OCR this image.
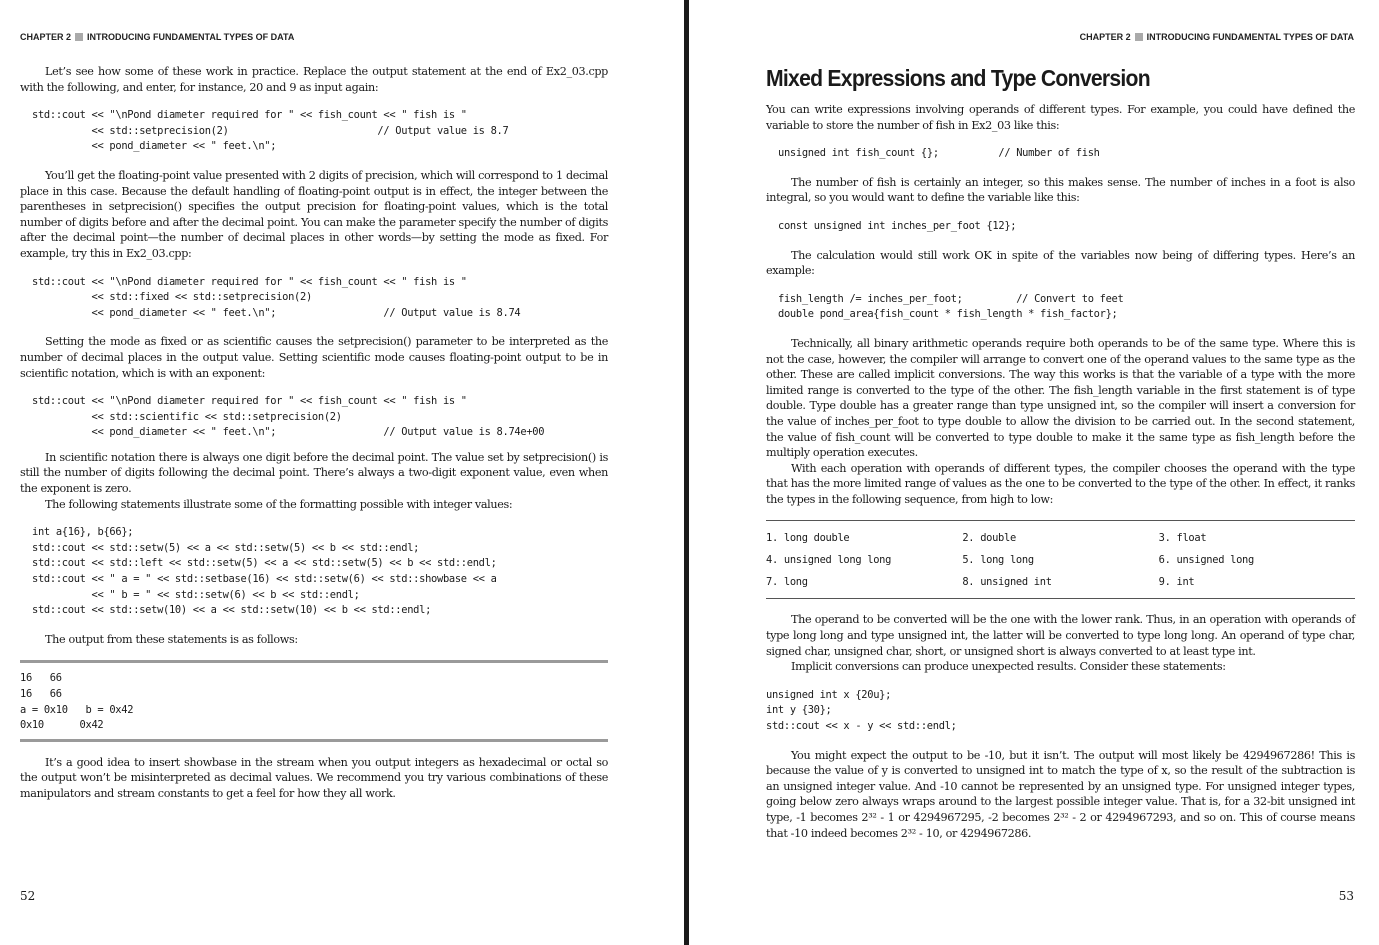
CHAPTER 2 INTRODUCING FUNDAMENTAL TYPES OF DATA

Let’s see how some of these work in practice. Replace the output statement at the end of Ex2_03.cpp with the following, and enter, for instance, 20 and 9 as input again:

std::cout << "\nPond diameter required for " << fish_count << " fish is "
<< std::setprecision(2)                         // Output value is 8.7
<< pond_diameter << " feet.\n";

You’ll get the floating-point value presented with 2 digits of precision, which will correspond to 1 decimal place in this case. Because the default handling of floating-point output is in effect, the integer between the parentheses in setprecision() specifies the output precision for floating-point values, which is the total number of digits before and after the decimal point. You can make the parameter specify the number of digits after the decimal point—the number of decimal places in other words—by setting the mode as fixed. For example, try this in Ex2_03.cpp:

std::cout << "\nPond diameter required for " << fish_count << " fish is "
<< std::fixed << std::setprecision(2)
<< pond_diameter << " feet.\n";                  // Output value is 8.74

Setting the mode as fixed or as scientific causes the setprecision() parameter to be interpreted as the number of decimal places in the output value. Setting scientific mode causes floating-point output to be in scientific notation, which is with an exponent:

std::cout << "\nPond diameter required for " << fish_count << " fish is "
<< std::scientific << std::setprecision(2)
<< pond_diameter << " feet.\n";                  // Output value is 8.74e+00

In scientific notation there is always one digit before the decimal point. The value set by setprecision() is still the number of digits following the decimal point. There’s always a two-digit exponent value, even when the exponent is zero.

The following statements illustrate some of the formatting possible with integer values:

int a{16}, b{66};
std::cout << std::setw(5) << a << std::setw(5) << b << std::endl;
std::cout << std::left << std::setw(5) << a << std::setw(5) << b << std::endl;
std::cout << " a = " << std::setbase(16) << std::setw(6) << std::showbase << a
<< " b = " << std::setw(6) << b << std::endl;
std::cout << std::setw(10) << a << std::setw(10) << b << std::endl;

The output from these statements is as follows:

16   66
16   66
a = 0x10   b = 0x42
0x10      0x42

It’s a good idea to insert showbase in the stream when you output integers as hexadecimal or octal so the output won’t be misinterpreted as decimal values. We recommend you try various combinations of these manipulators and stream constants to get a feel for how they all work.

52
CHAPTER 2 INTRODUCING FUNDAMENTAL TYPES OF DATA
Mixed Expressions and Type Conversion

You can write expressions involving operands of different types. For example, you could have defined the variable to store the number of fish in Ex2_03 like this:

unsigned int fish_count {};          // Number of fish

The number of fish is certainly an integer, so this makes sense. The number of inches in a foot is also integral, so you would want to define the variable like this:

const unsigned int inches_per_foot {12};

The calculation would still work OK in spite of the variables now being of differing types. Here’s an example:

fish_length /= inches_per_foot;         // Convert to feet
double pond_area{fish_count * fish_length * fish_factor};

Technically, all binary arithmetic operands require both operands to be of the same type. Where this is not the case, however, the compiler will arrange to convert one of the operand values to the same type as the other. These are called implicit conversions. The way this works is that the variable of a type with the more limited range is converted to the type of the other. The fish_length variable in the first statement is of type double. Type double has a greater range than type unsigned int, so the compiler will insert a conversion for the value of inches_per_foot to type double to allow the division to be carried out. In the second statement, the value of fish_count will be converted to type double to make it the same type as fish_length before the multiply operation executes.

With each operation with operands of different types, the compiler chooses the operand with the type that has the more limited range of values as the one to be converted to the type of the other. In effect, it ranks the types in the following sequence, from high to low:

1. long double	2. double	3. float
4. unsigned long long	5. long long	6. unsigned long
7. long	8. unsigned int	9. int

The operand to be converted will be the one with the lower rank. Thus, in an operation with operands of type long long and type unsigned int, the latter will be converted to type long long. An operand of type char, signed char, unsigned char, short, or unsigned short is always converted to at least type int.

Implicit conversions can produce unexpected results. Consider these statements:

unsigned int x {20u};
int y {30};
std::cout << x - y << std::endl;

You might expect the output to be -10, but it isn’t. The output will most likely be 4294967286! This is because the value of y is converted to unsigned int to match the type of x, so the result of the subtraction is an unsigned integer value. And -10 cannot be represented by an unsigned type. For unsigned integer types, going below zero always wraps around to the largest possible integer value. That is, for a 32-bit unsigned int type, -1 becomes 2³² - 1 or 4294967295, -2 becomes 2³² - 2 or 4294967293, and so on. This of course means that -10 indeed becomes 2³² - 10, or 4294967286.

53
